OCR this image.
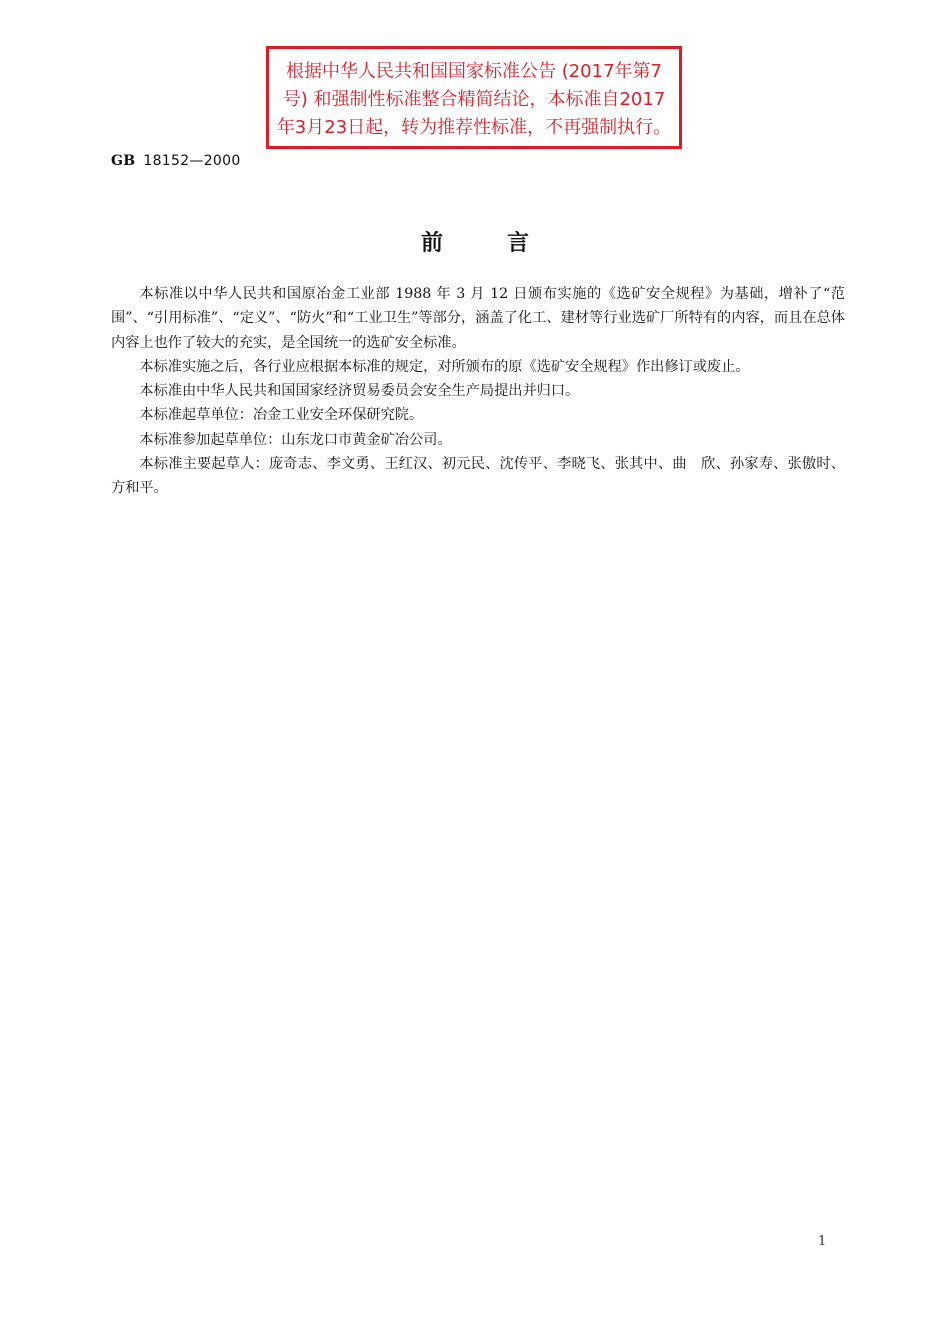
根据中华人民共和国国家标准公告 (2017年第7
号) 和强制性标准整合精简结论，本标准自2017
年3月23日起，转为推荐性标准，不再强制执行。
GB 18152—2000
前言

本标准以中华人民共和国原冶金工业部 1988 年 3 月 12 日颁布实施的《选矿安全规程》为基础，增补了“范围”、“引用标准”、“定义”、“防火”和“工业卫生”等部分，涵盖了化工、建材等行业选矿厂所特有的内容，而且在总体内容上也作了较大的充实，是全国统一的选矿安全标准。

本标准实施之后，各行业应根据本标准的规定，对所颁布的原《选矿安全规程》作出修订或废止。

本标准由中华人民共和国国家经济贸易委员会安全生产局提出并归口。

本标准起草单位：冶金工业安全环保研究院。

本标准参加起草单位：山东龙口市黄金矿冶公司。

本标准主要起草人：庞奇志、李文勇、王红汉、初元民、沈传平、李晓飞、张其中、曲　欣、孙家寿、张傲时、方和平。

1
